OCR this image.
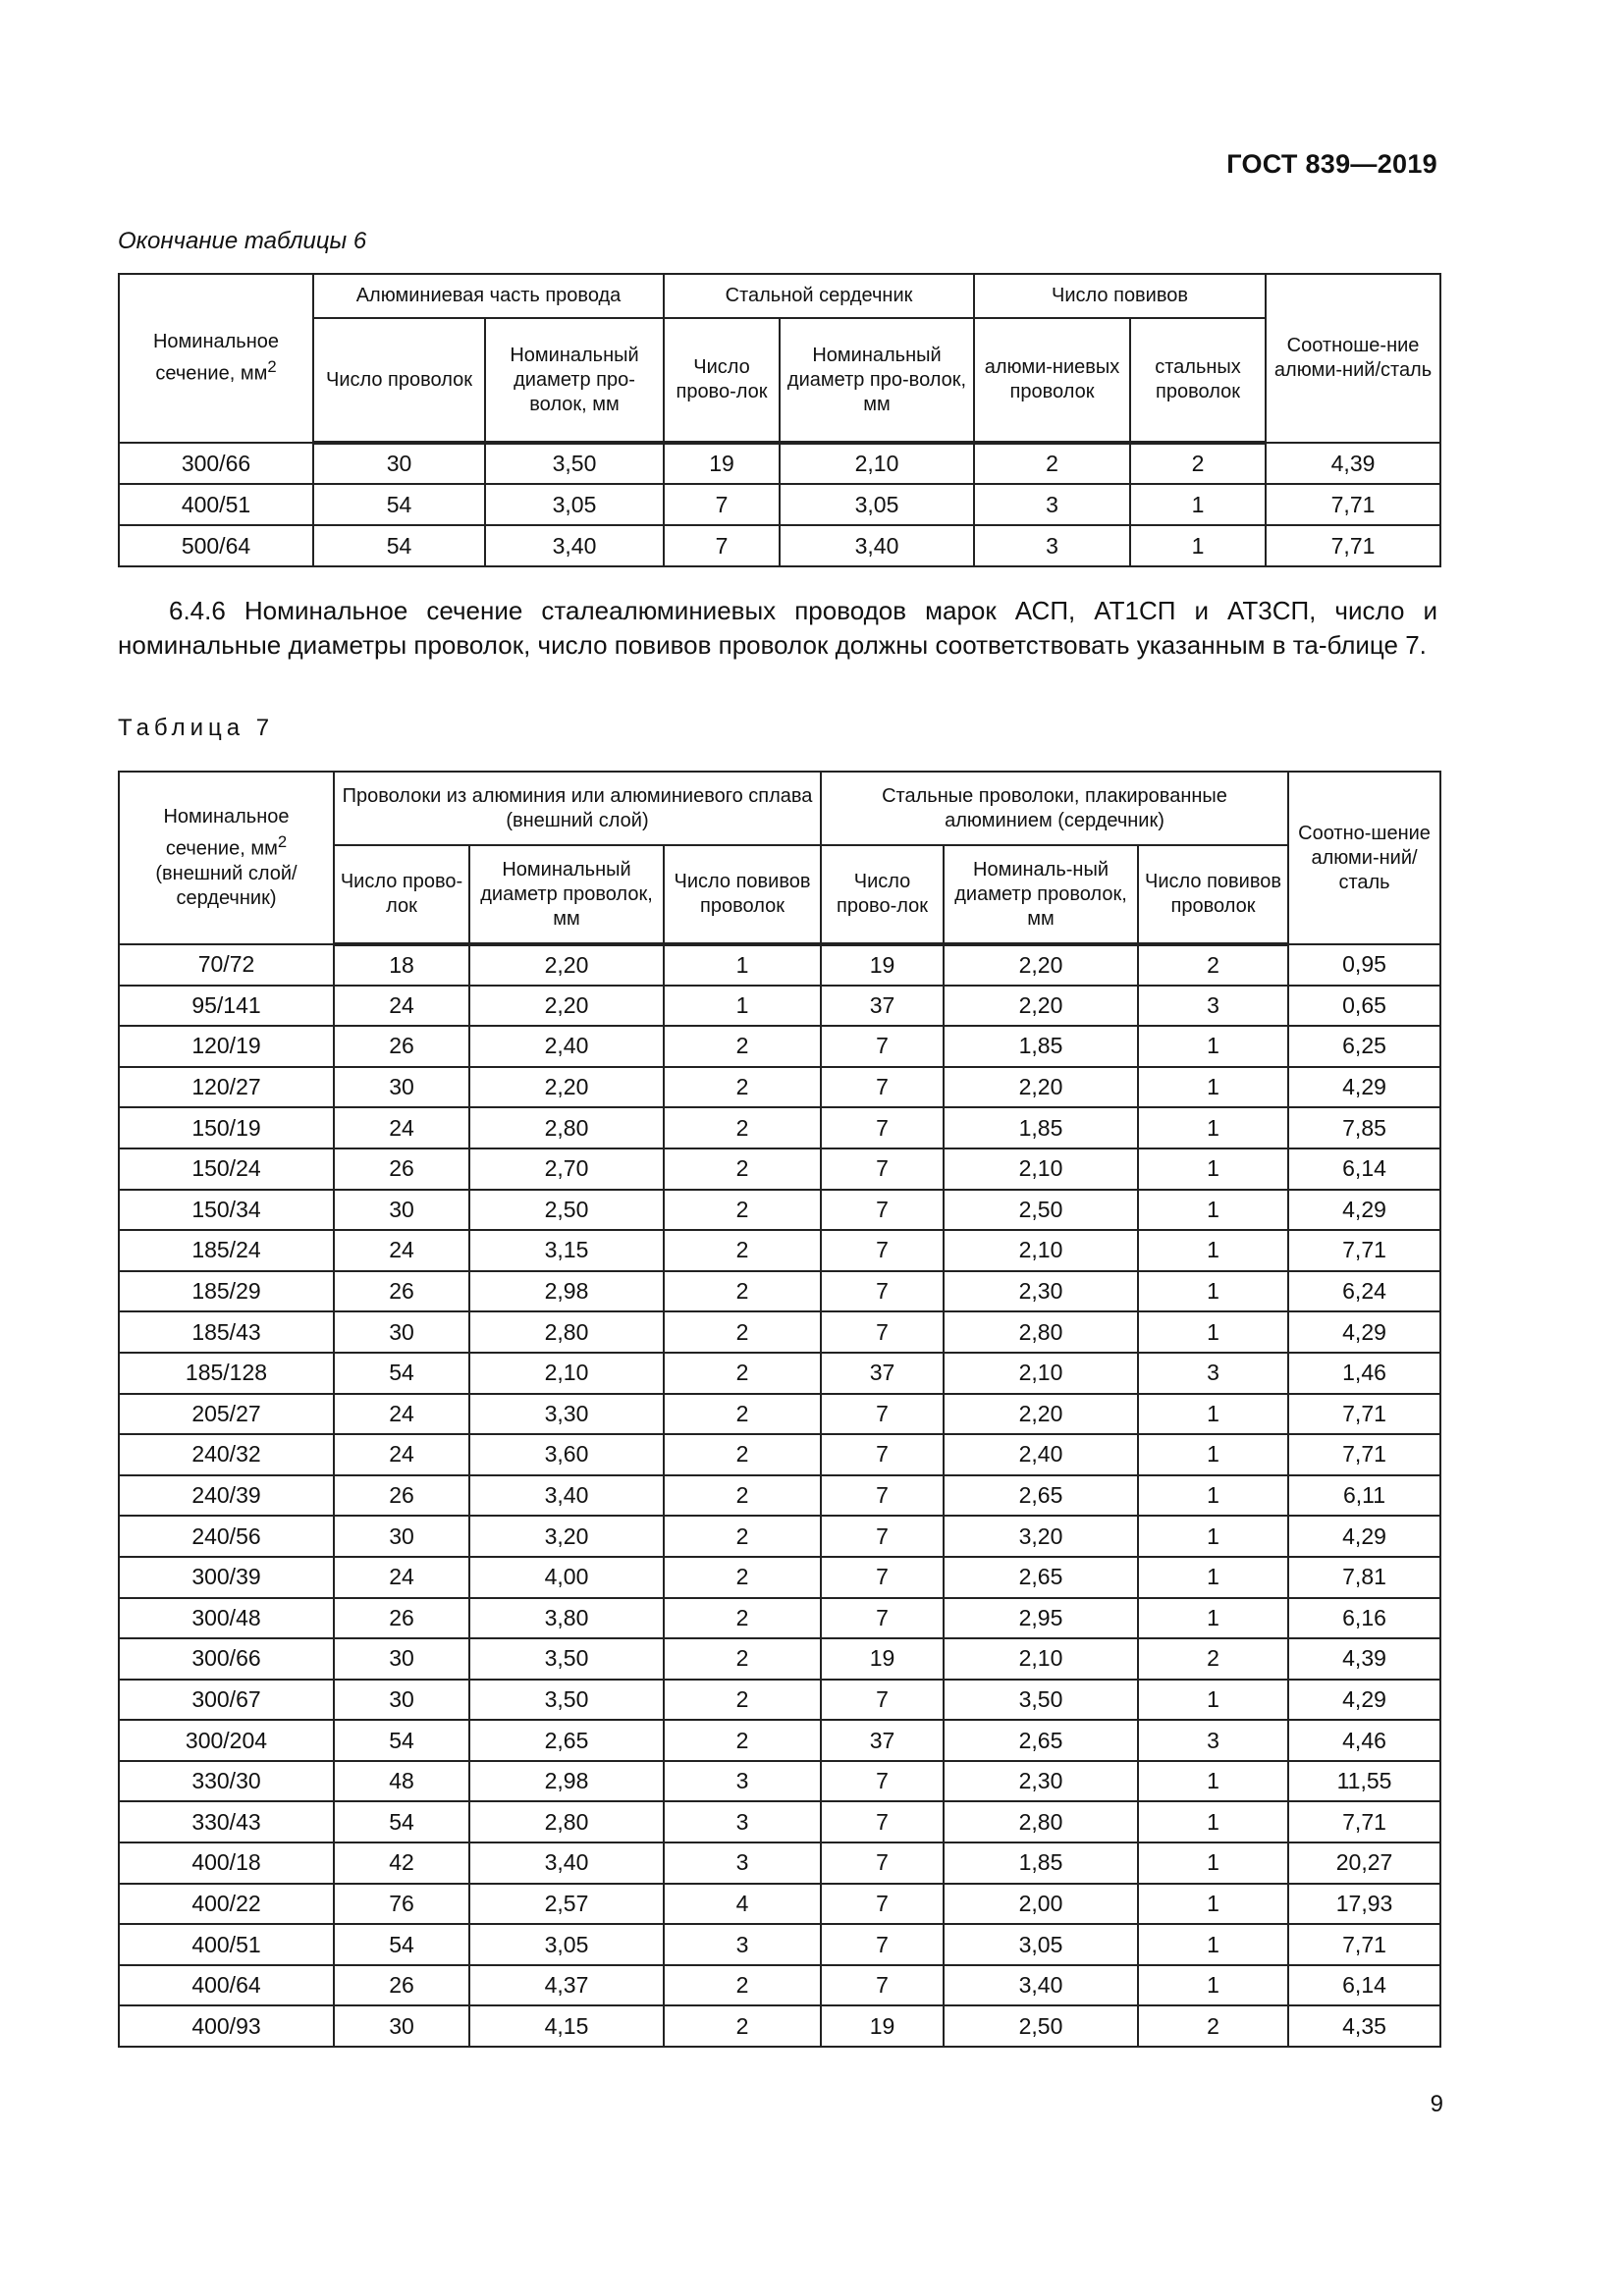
ГОСТ 839—2019
Окончание таблицы 6
Номинальное сечение, $мм^2$	Алюминиевая часть провода		Стальной сердечник		Число повивов		Соотноше-ние алюми-ний/сталь
	Число проволок	Номинальный диаметр про-волок, мм	Число прово-лок	Номинальный диаметр про-волок, мм	алюми-ниевых проволок	стальных проволок	
300/66	30	3,50	19	2,10	2	2	4,39
400/51	54	3,05	7	3,05	3	1	7,71
500/64	54	3,40	7	3,40	3	1	7,71

6.4.6 Номинальное сечение сталеалюминиевых проводов марок АСП, АТ1СП и АТ3СП, число и номинальные диаметры проволок, число повивов проволок должны соответствовать указанным в та-блице 7.

Таблица 7
Номинальное сечение, $мм^2$ (внешний слой/ сердечник)	Проволоки из алюминия или алюминиевого сплава (внешний слой)			Стальные проволоки, плакированные алюминием (сердечник)			Соотно-шение алюми-ний/ сталь
	Число прово-лок	Номинальный диаметр проволок, мм	Число повивов проволок	Число прово-лок	Номиналь-ный диаметр проволок, мм	Число повивов проволок	
70/72	18	2,20	1	19	2,20	2	0,95
95/141	24	2,20	1	37	2,20	3	0,65
120/19	26	2,40	2	7	1,85	1	6,25
120/27	30	2,20	2	7	2,20	1	4,29
150/19	24	2,80	2	7	1,85	1	7,85
150/24	26	2,70	2	7	2,10	1	6,14
150/34	30	2,50	2	7	2,50	1	4,29
185/24	24	3,15	2	7	2,10	1	7,71
185/29	26	2,98	2	7	2,30	1	6,24
185/43	30	2,80	2	7	2,80	1	4,29
185/128	54	2,10	2	37	2,10	3	1,46
205/27	24	3,30	2	7	2,20	1	7,71
240/32	24	3,60	2	7	2,40	1	7,71
240/39	26	3,40	2	7	2,65	1	6,11
240/56	30	3,20	2	7	3,20	1	4,29
300/39	24	4,00	2	7	2,65	1	7,81
300/48	26	3,80	2	7	2,95	1	6,16
300/66	30	3,50	2	19	2,10	2	4,39
300/67	30	3,50	2	7	3,50	1	4,29
300/204	54	2,65	2	37	2,65	3	4,46
330/30	48	2,98	3	7	2,30	1	11,55
330/43	54	2,80	3	7	2,80	1	7,71
400/18	42	3,40	3	7	1,85	1	20,27
400/22	76	2,57	4	7	2,00	1	17,93
400/51	54	3,05	3	7	3,05	1	7,71
400/64	26	4,37	2	7	3,40	1	6,14
400/93	30	4,15	2	19	2,50	2	4,35
9
